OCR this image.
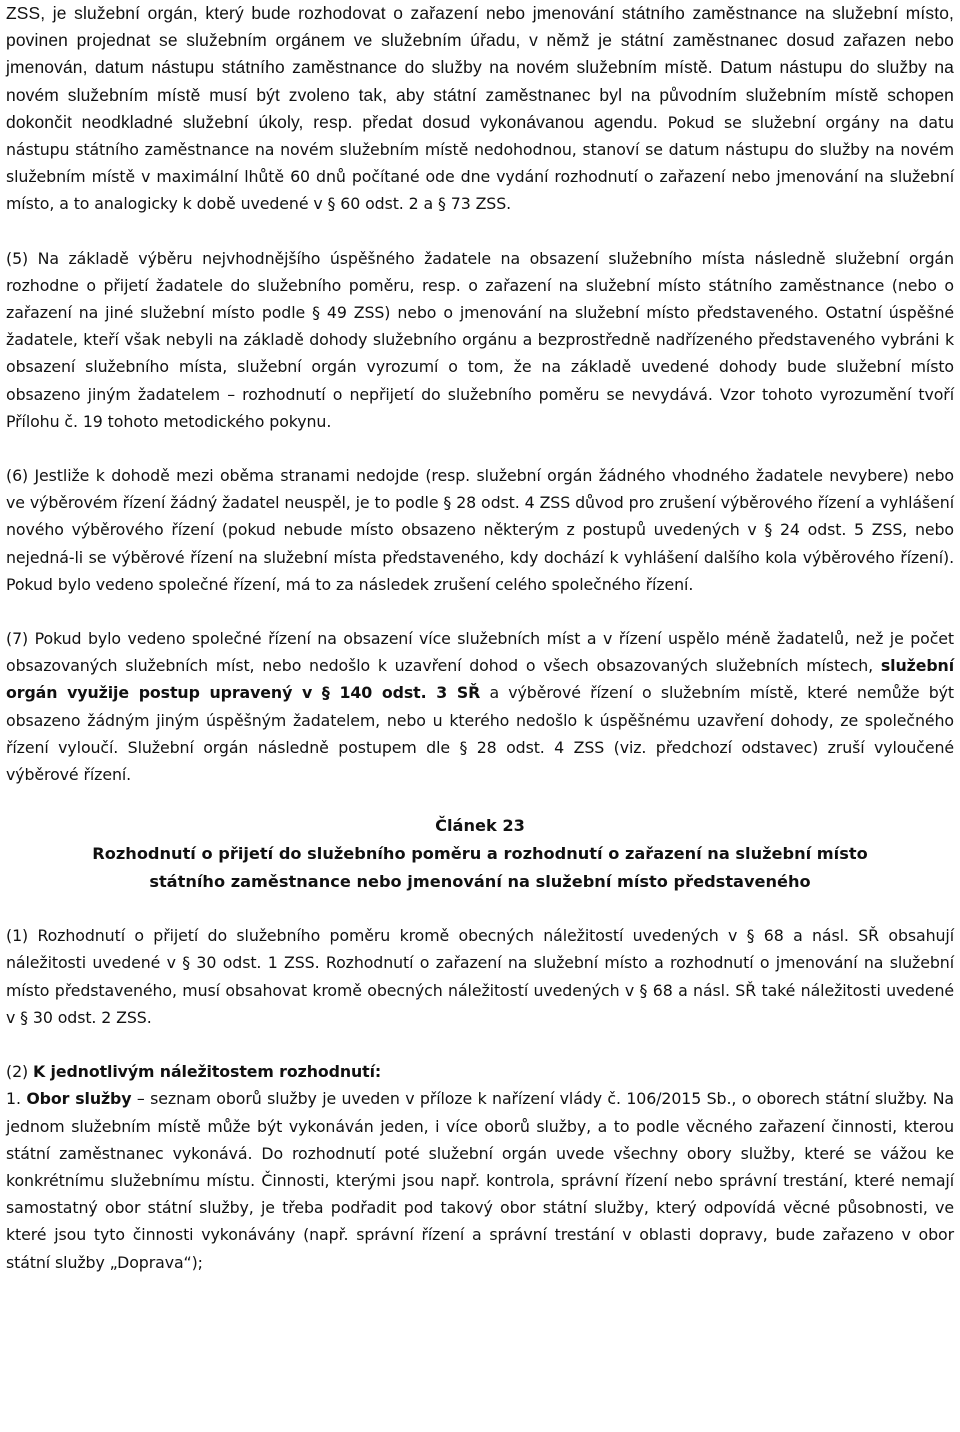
ZSS, je služební orgán, který bude rozhodovat o zařazení nebo jmenování státního zaměstnance na služební místo, povinen projednat se služebním orgánem ve služebním úřadu, v němž je státní zaměstnanec dosud zařazen nebo jmenován, datum nástupu státního zaměstnance do služby na novém služebním místě. Datum nástupu do služby na novém služebním místě musí být zvoleno tak, aby státní zaměstnanec byl na původním služebním místě schopen dokončit neodkladné služební úkoly, resp. předat dosud vykonávanou agendu. Pokud se služební orgány na datu nástupu státního zaměstnance na novém služebním místě nedohodnou, stanoví se datum nástupu do služby na novém služebním místě v maximální lhůtě 60 dnů počítané ode dne vydání rozhodnutí o zařazení nebo jmenování na služební místo, a to analogicky k době uvedené v § 60 odst. 2 a § 73 ZSS.

(5) Na základě výběru nejvhodnějšího úspěšného žadatele na obsazení služebního místa následně služební orgán rozhodne o přijetí žadatele do služebního poměru, resp. o zařazení na služební místo státního zaměstnance (nebo o zařazení na jiné služební místo podle § 49 ZSS) nebo o jmenování na služební místo představeného. Ostatní úspěšné žadatele, kteří však nebyli na základě dohody služebního orgánu a bezprostředně nadřízeného představeného vybráni k obsazení služebního místa, služební orgán vyrozumí o tom, že na základě uvedené dohody bude služební místo obsazeno jiným žadatelem – rozhodnutí o nepřijetí do služebního poměru se nevydává. Vzor tohoto vyrozumění tvoří Přílohu č. 19 tohoto metodického pokynu.

(6) Jestliže k dohodě mezi oběma stranami nedojde (resp. služební orgán žádného vhodného žadatele nevybere) nebo ve výběrovém řízení žádný žadatel neuspěl, je to podle § 28 odst. 4 ZSS důvod pro zrušení výběrového řízení a vyhlášení nového výběrového řízení (pokud nebude místo obsazeno některým z postupů uvedených v § 24 odst. 5 ZSS, nebo nejedná-li se výběrové řízení na služební místa představeného, kdy dochází k vyhlášení dalšího kola výběrového řízení). Pokud bylo vedeno společné řízení, má to za následek zrušení celého společného řízení.

(7) Pokud bylo vedeno společné řízení na obsazení více služebních míst a v řízení uspělo méně žadatelů, než je počet obsazovaných služebních míst, nebo nedošlo k uzavření dohod o všech obsazovaných služebních místech, služební orgán využije postup upravený v § 140 odst. 3 SŘ a výběrové řízení o služebním místě, které nemůže být obsazeno žádným jiným úspěšným žadatelem, nebo u kterého nedošlo k úspěšnému uzavření dohody, ze společného řízení vyloučí. Služební orgán následně postupem dle § 28 odst. 4 ZSS (viz. předchozí odstavec) zruší vyloučené výběrové řízení.

Článek 23

Rozhodnutí o přijetí do služebního poměru a rozhodnutí o zařazení na služební místo

státního zaměstnance nebo jmenování na služební místo představeného

(1) Rozhodnutí o přijetí do služebního poměru kromě obecných náležitostí uvedených v § 68 a násl. SŘ obsahují náležitosti uvedené v § 30 odst. 1 ZSS. Rozhodnutí o zařazení na služební místo a rozhodnutí o jmenování na služební místo představeného, musí obsahovat kromě obecných náležitostí uvedených v § 68 a násl. SŘ také náležitosti uvedené v § 30 odst. 2 ZSS.

(2) K jednotlivým náležitostem rozhodnutí:

1. Obor služby – seznam oborů služby je uveden v příloze k nařízení vlády č. 106/2015 Sb., o oborech státní služby. Na jednom služebním místě může být vykonáván jeden, i více oborů služby, a to podle věcného zařazení činnosti, kterou státní zaměstnanec vykonává. Do rozhodnutí poté služební orgán uvede všechny obory služby, které se vážou ke konkrétnímu služebnímu místu. Činnosti, kterými jsou např. kontrola, správní řízení nebo správní trestání, které nemají samostatný obor státní služby, je třeba podřadit pod takový obor státní služby, který odpovídá věcné působnosti, ve které jsou tyto činnosti vykonávány (např. správní řízení a správní trestání v oblasti dopravy, bude zařazeno v obor státní služby „Doprava“);
